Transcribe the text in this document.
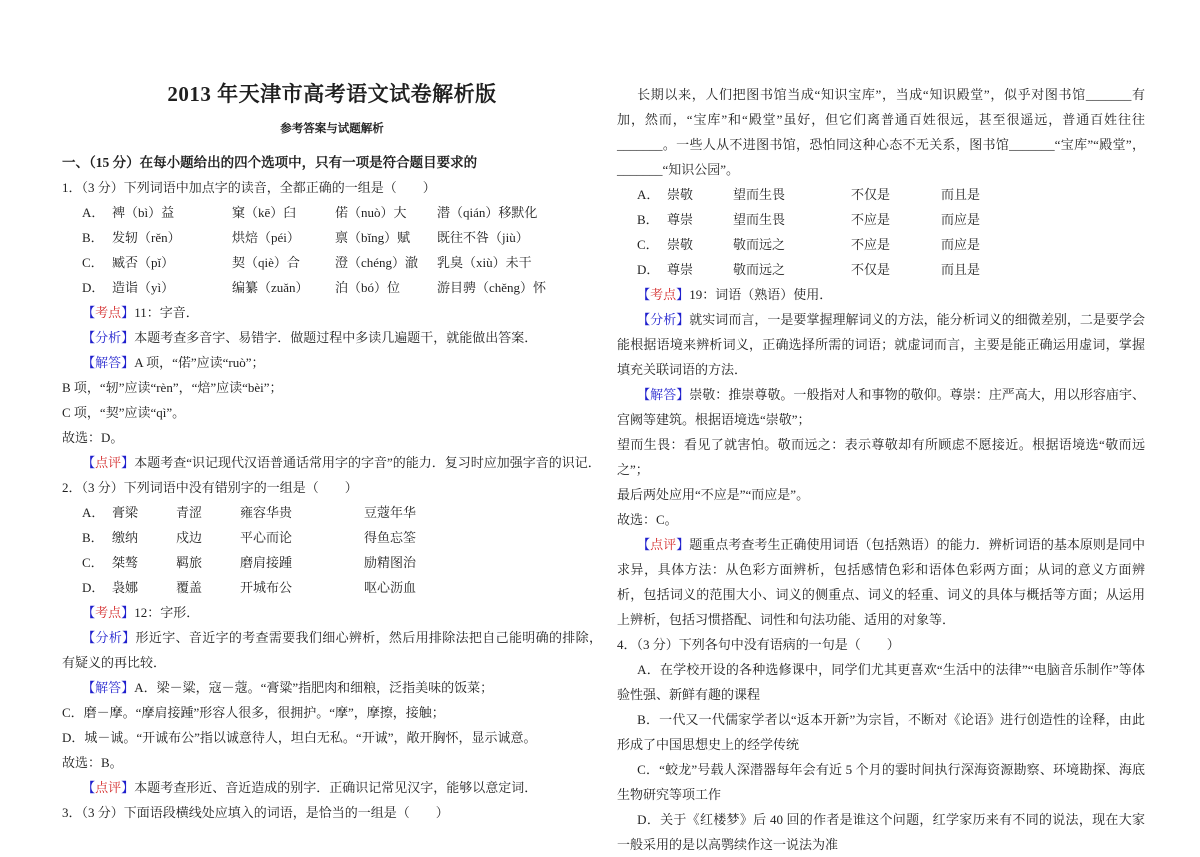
2013 年天津市高考语文试卷解析版
参考答案与试题解析

一、（15 分）在每小题给出的四个选项中，只有一项是符合题目要求的

1．（3 分）下列词语中加点字的读音，全都正确的一组是（　　）

A． 裨（bì）益	窠（kē）臼	偌（nuò）大	潜（qián）移默化
B． 发轫（rěn）	烘焙（péi）	禀（bǐng）赋	既往不咎（jiù）
C． 臧否（pǐ）	契（qiè）合	澄（chéng）澈	乳臭（xiù）未干
D． 造诣（yì）	编纂（zuǎn）	泊（bó）位	游目骋（chěng）怀

【考点】11：字音．

【分析】本题考查多音字、易错字．做题过程中多读几遍题干，就能做出答案．

【解答】A 项，“偌”应读“ruò”；

B 项，“轫”应读“rèn”，“焙”应读“bèi”；

C 项，“契”应读“qì”。

故选：D。

【点评】本题考查“识记现代汉语普通话常用字的字音”的能力．复习时应加强字音的识记．

2．（3 分）下列词语中没有错别字的一组是（　　）

A． 膏梁	青涩	雍容华贵	豆蔻年华
B． 缴纳	戍边	平心而论	得鱼忘筌
C． 桀骜	羁旅	磨肩接踵	励精图治
D． 袅娜	覆盖	开城布公	呕心沥血

【考点】12：字形．

【分析】形近字、音近字的考查需要我们细心辨析，然后用排除法把自己能明确的排除，有疑义的再比较．

【解答】A．梁－粱，寇－蔻。“膏粱”指肥肉和细粮，泛指美味的饭菜；

C．磨－摩。“摩肩接踵”形容人很多，很拥护。“摩”，摩擦，接触；

D．城－诚。“开诚布公”指以诚意待人，坦白无私。“开诚”，敞开胸怀，显示诚意。

故选：B。

【点评】本题考查形近、音近造成的别字．正确识记常见汉字，能够以意定词．

3．（3 分）下面语段横线处应填入的词语，是恰当的一组是（　　）

长期以来，人们把图书馆当成“知识宝库”，当成“知识殿堂”，似乎对图书馆_______有加，然而，“宝库”和“殿堂”虽好，但它们离普通百姓很远，甚至很遥远，普通百姓往往_______。一些人从不进图书馆，恐怕同这种心态不无关系，图书馆_______“宝库”“殿堂”，_______“知识公园”。

A． 崇敬	望而生畏	不仅是	而且是
B． 尊崇	望而生畏	不应是	而应是
C． 崇敬	敬而远之	不应是	而应是
D． 尊崇	敬而远之	不仅是	而且是

【考点】19：词语（熟语）使用．

【分析】就实词而言，一是要掌握理解词义的方法，能分析词义的细微差别，二是要学会能根据语境来辨析词义，正确选择所需的词语；就虚词而言，主要是能正确运用虚词，掌握填充关联词语的方法．

【解答】崇敬：推崇尊敬。一般指对人和事物的敬仰。尊崇：庄严高大，用以形容庙宇、宫阙等建筑。根据语境选“崇敬”；

望而生畏：看见了就害怕。敬而远之：表示尊敬却有所顾虑不愿接近。根据语境选“敬而远之”；

最后两处应用“不应是”“而应是”。

故选：C。

【点评】题重点考查考生正确使用词语（包括熟语）的能力．辨析词语的基本原则是同中求异，具体方法：从色彩方面辨析，包括感情色彩和语体色彩两方面；从词的意义方面辨析，包括词义的范围大小、词义的侧重点、词义的轻重、词义的具体与概括等方面；从运用上辨析，包括习惯搭配、词性和句法功能、适用的对象等．

4．（3 分）下列各句中没有语病的一句是（　　）

A．在学校开设的各种选修课中，同学们尤其更喜欢“生活中的法律”“电脑音乐制作”等体验性强、新鲜有趣的课程

B．一代又一代儒家学者以“返本开新”为宗旨，不断对《论语》进行创造性的诠释，由此形成了中国思想史上的经学传统

C．“蛟龙”号载人深潜器每年会有近 5 个月的霎时间执行深海资源勘察、环境勘探、海底生物研究等项工作

D．关于《红楼梦》后 40 回的作者是谁这个问题，红学家历来有不同的说法，现在大家一般采用的是以高鹗续作这一说法为准
